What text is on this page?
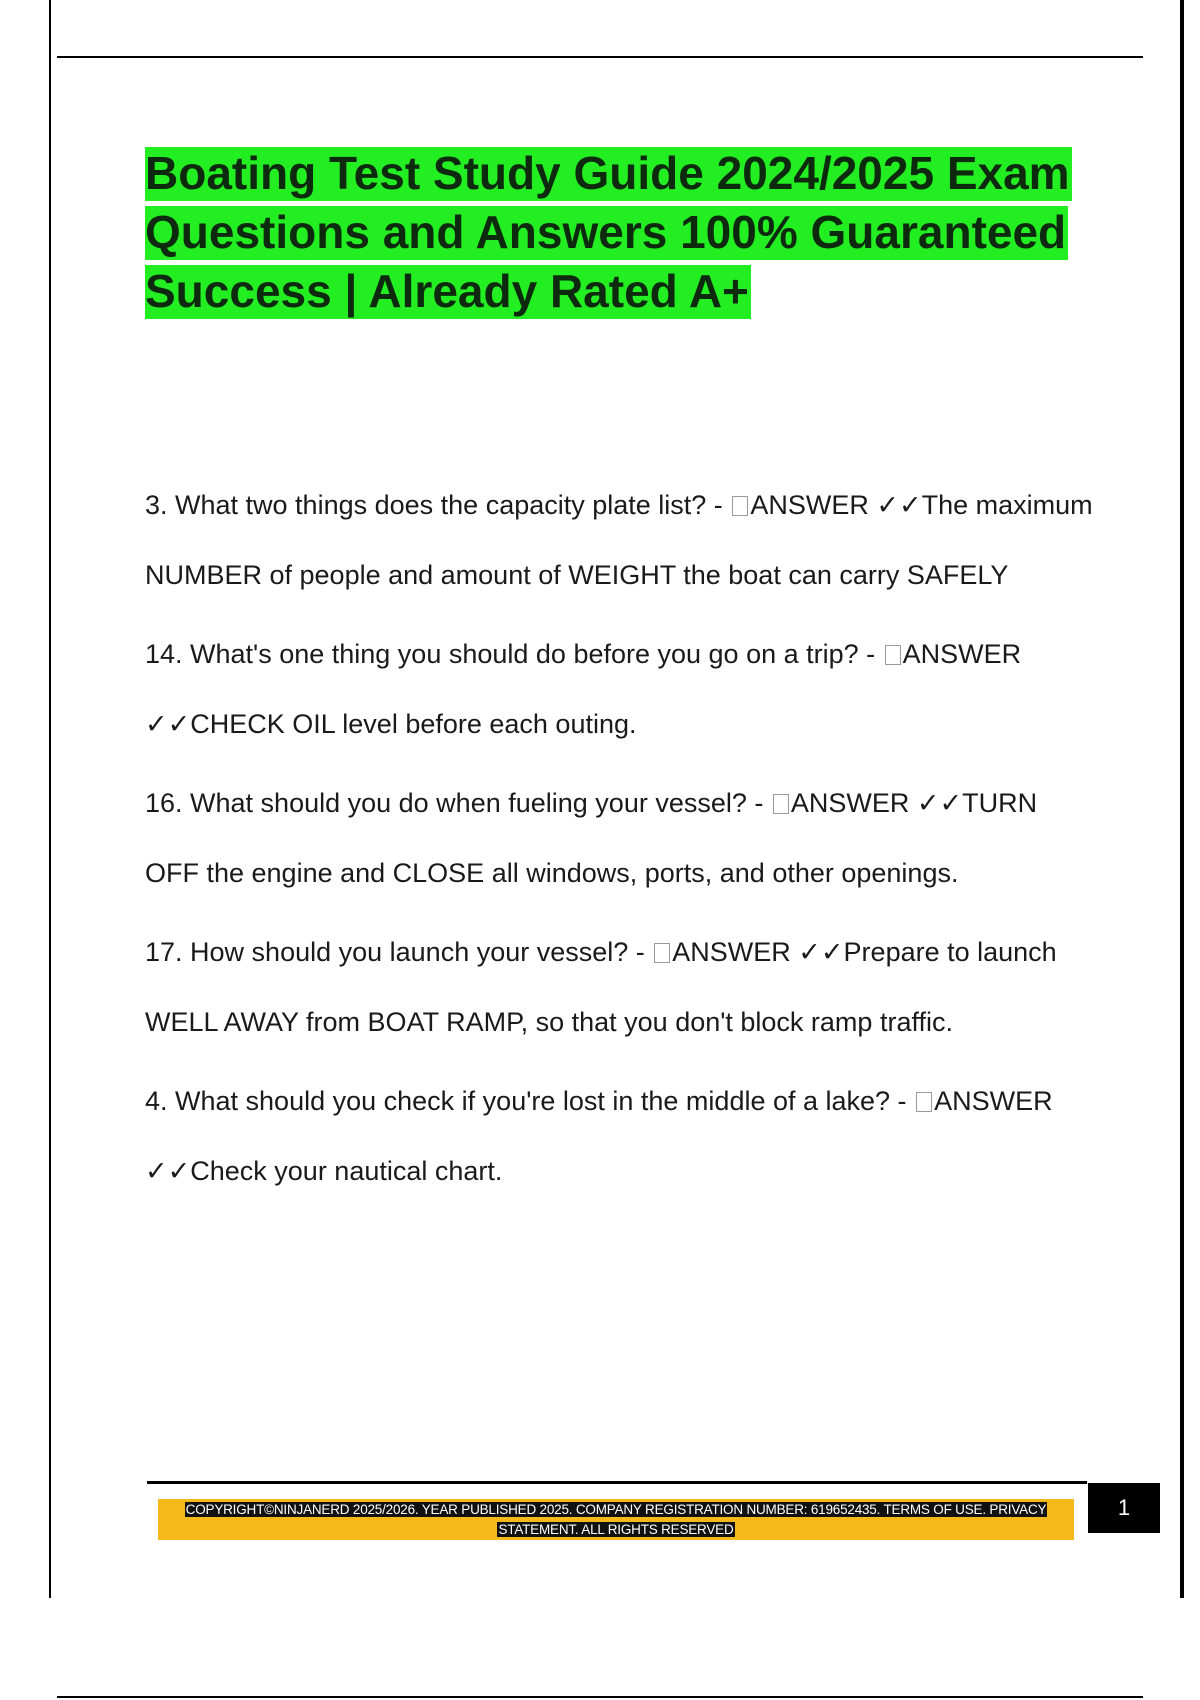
Boating Test Study Guide 2024/2025 Exam Questions and Answers 100% Guaranteed Success | Already Rated A+

3. What two things does the capacity plate list? - ANSWER ✓✓The maximum NUMBER of people and amount of WEIGHT the boat can carry SAFELY

14. What's one thing you should do before you go on a trip? - ANSWER ✓✓CHECK OIL level before each outing.

16. What should you do when fueling your vessel? - ANSWER ✓✓TURN OFF the engine and CLOSE all windows, ports, and other openings.

17. How should you launch your vessel? - ANSWER ✓✓Prepare to launch WELL AWAY from BOAT RAMP, so that you don't block ramp traffic.

4. What should you check if you're lost in the middle of a lake? - ANSWER ✓✓Check your nautical chart.

COPYRIGHT©NINJANERD 2025/2026. YEAR PUBLISHED 2025. COMPANY REGISTRATION NUMBER: 619652435. TERMS OF USE. PRIVACY STATEMENT. ALL RIGHTS RESERVED
1
